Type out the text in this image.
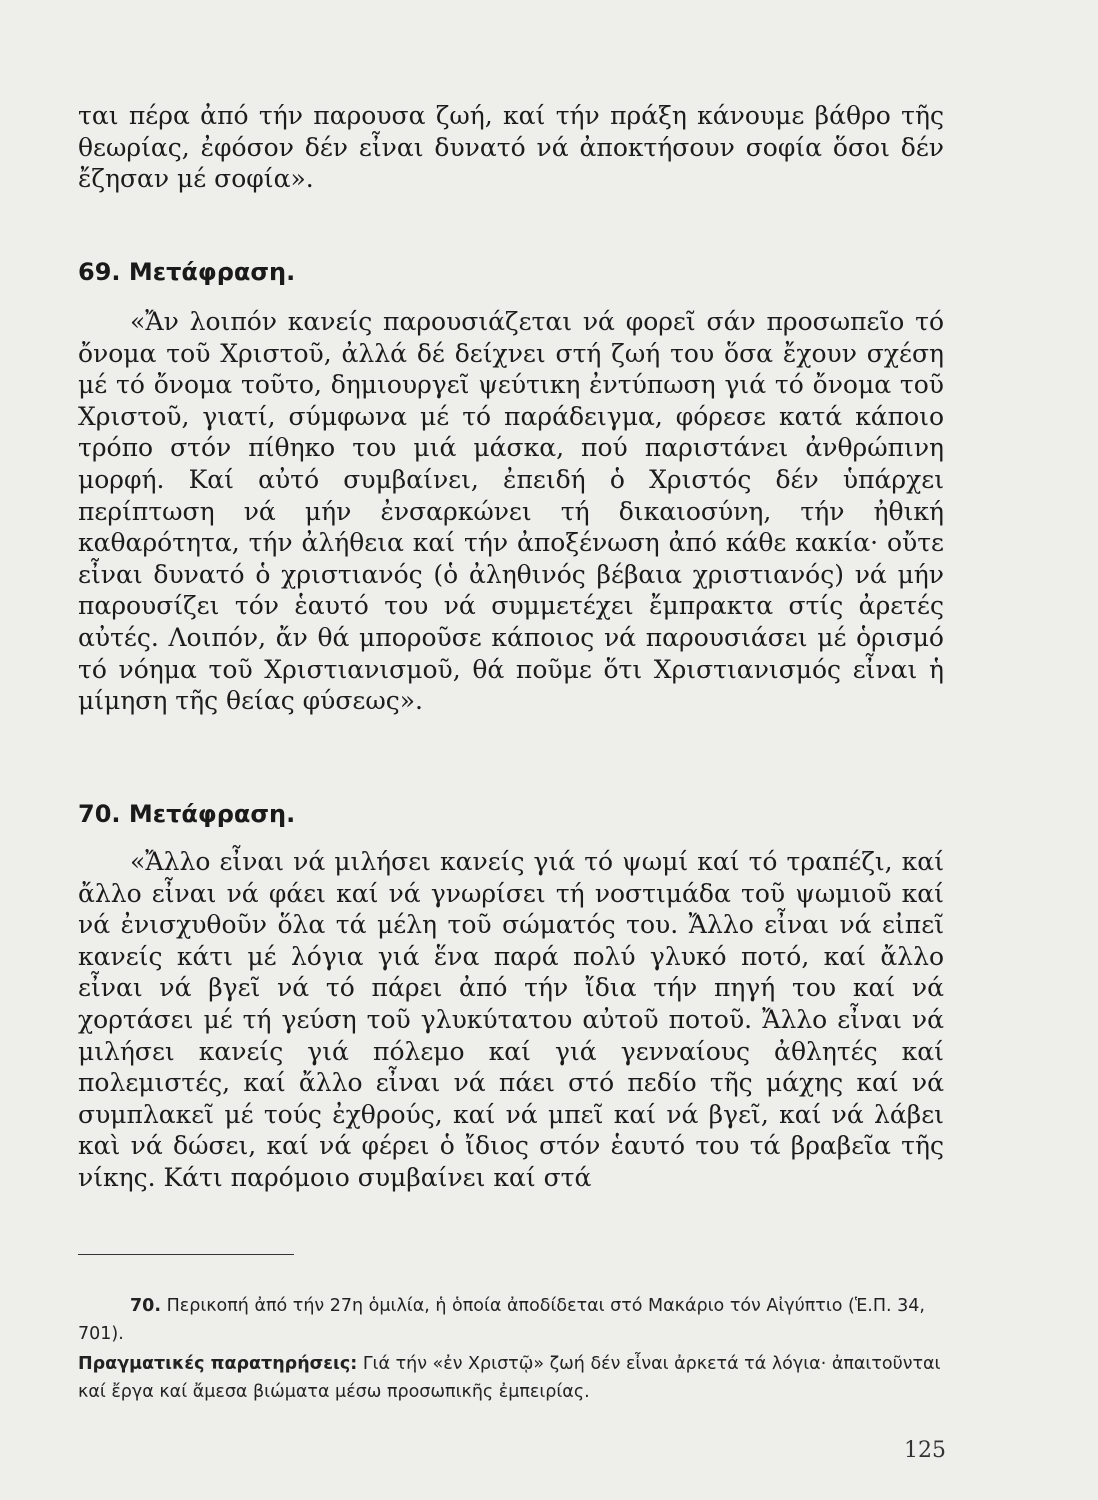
ται πέρα ἀπό τήν παρουσα ζωή, καί τήν πράξη κάνουμε βάθρο τῆς θεωρίας, ἐφόσον δέν εἶναι δυνατό νά ἀποκτήσουν σοφία ὅσοι δέν ἔζησαν μέ σοφία».

69. Μετάφραση.

«Ἄν λοιπόν κανείς παρουσιάζεται νά φορεῖ σάν προσωπεῖο τό ὄνομα τοῦ Χριστοῦ, ἀλλά δέ δείχνει στή ζωή του ὅσα ἔχουν σχέση μέ τό ὄνομα τοῦτο, δημιουργεῖ ψεύτικη ἐντύπωση γιά τό ὄνομα τοῦ Χριστοῦ, γιατί, σύμφωνα μέ τό παράδειγμα, φόρεσε κατά κάποιο τρόπο στόν πίθηκο του μιά μάσκα, πού παριστάνει ἀνθρώπινη μορφή. Καί αὐτό συμβαίνει, ἐπειδή ὁ Χριστός δέν ὑπάρχει περίπτωση νά μήν ἐνσαρκώνει τή δικαιοσύνη, τήν ἠθική καθαρότητα, τήν ἀλήθεια καί τήν ἀποξένωση ἀπό κάθε κακία· οὔτε εἶναι δυνατό ὁ χριστιανός (ὁ ἀληθινός βέβαια χριστιανός) νά μήν παρουσίζει τόν ἑαυτό του νά συμμετέχει ἔμπρακτα στίς ἀρετές αὐτές. Λοιπόν, ἄν θά μποροῦσε κάποιος νά παρουσιάσει μέ ὁρισμό τό νόημα τοῦ Χριστιανισμοῦ, θά ποῦμε ὅτι Χριστιανισμός εἶναι ἡ μίμηση τῆς θείας φύσεως».

70. Μετάφραση.

«Ἄλλο εἶναι νά μιλήσει κανείς γιά τό ψωμί καί τό τραπέζι, καί ἄλλο εἶναι νά φάει καί νά γνωρίσει τή νοστιμάδα τοῦ ψωμιοῦ καί νά ἐνισχυθοῦν ὅλα τά μέλη τοῦ σώματός του. Ἄλλο εἶναι νά εἰπεῖ κανείς κάτι μέ λόγια γιά ἕνα παρά πολύ γλυκό ποτό, καί ἄλλο εἶναι νά βγεῖ νά τό πάρει ἀπό τήν ἴδια τήν πηγή του καί νά χορτάσει μέ τή γεύση τοῦ γλυκύτατου αὐτοῦ ποτοῦ. Ἄλλο εἶναι νά μιλήσει κανείς γιά πόλεμο καί γιά γενναίους ἀθλητές καί πολεμιστές, καί ἄλλο εἶναι νά πάει στό πεδίο τῆς μάχης καί νά συμπλακεῖ μέ τούς ἐχθρούς, καί νά μπεῖ καί νά βγεῖ, καί νά λάβει καὶ νά δώσει, καί νά φέρει ὁ ἴδιος στόν ἑαυτό του τά βραβεῖα τῆς νίκης. Κάτι παρόμοιο συμβαίνει καί στά

70. Περικοπή ἀπό τήν 27η ὁμιλία, ἡ ὁποία ἀποδίδεται στό Μακάριο τόν Αἰγύπτιο (Ἑ.Π. 34, 701).

Πραγματικές παρατηρήσεις: Γιά τήν «ἐν Χριστῷ» ζωή δέν εἶναι ἀρκετά τά λόγια· ἀπαιτοῦνται καί ἔργα καί ἄμεσα βιώματα μέσω προσωπικῆς ἐμπειρίας.

125
